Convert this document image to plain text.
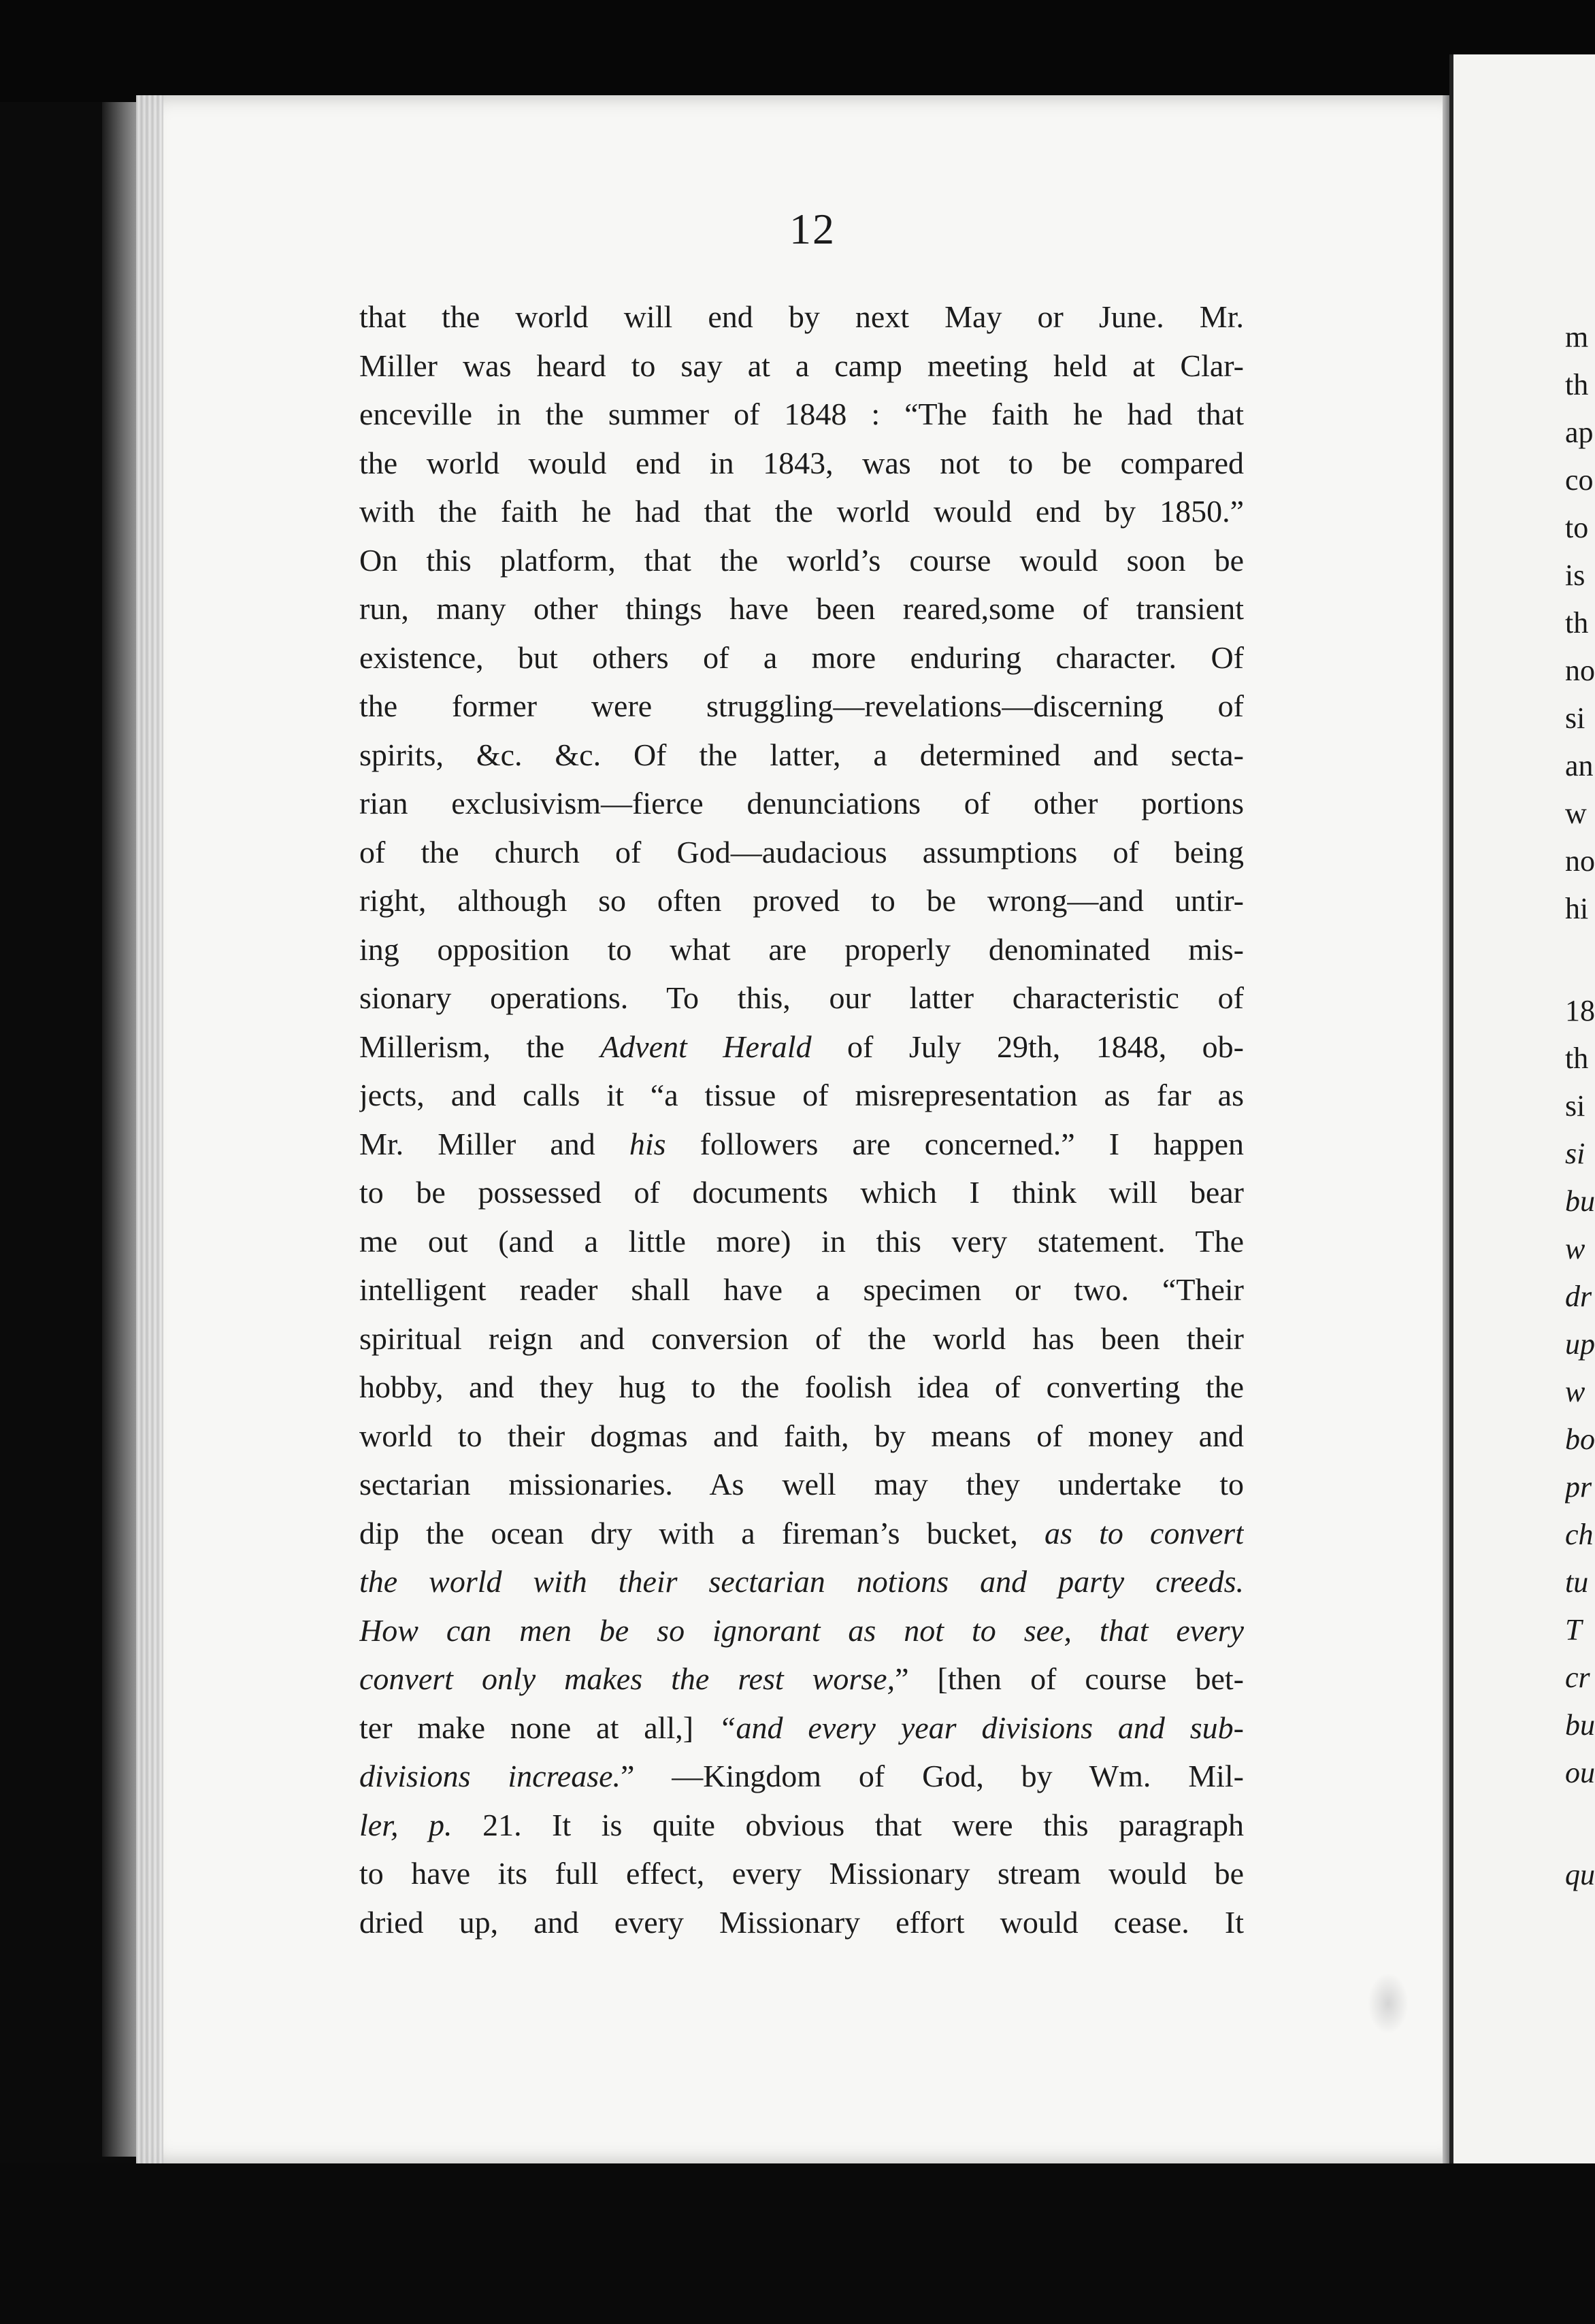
12
that the world will end by next May or June. Mr.
Miller was heard to say at a camp meeting held at Clar-
enceville in the summer of 1848 : “The faith he had that
the world would end in 1843, was not to be compared
with the faith he had that the world would end by 1850.”
On this platform, that the world’s course would soon be
run, many other things have been reared,some of transient
existence, but others of a more enduring character. Of
the former were struggling—revelations—discerning of
spirits, &c. &c. Of the latter, a determined and secta-
rian exclusivism—fierce denunciations of other portions
of the church of God—audacious assumptions of being
right, although so often proved to be wrong—and untir-
ing opposition to what are properly denominated mis-
sionary operations. To this, our latter characteristic of
Millerism, the Advent Herald of July 29th, 1848, ob-
jects, and calls it “a tissue of misrepresentation as far as
Mr. Miller and his followers are concerned.” I happen
to be possessed of documents which I think will bear
me out (and a little more) in this very statement. The
intelligent reader shall have a specimen or two. “Their
spiritual reign and conversion of the world has been their
hobby, and they hug to the foolish idea of converting the
world to their dogmas and faith, by means of money and
sectarian missionaries. As well may they undertake to
dip the ocean dry with a fireman’s bucket, as to convert
the world with their sectarian notions and party creeds.
How can men be so ignorant as not to see, that every
convert only makes the rest worse,” [then of course bet-
ter make none at all,] “and every year divisions and sub-
divisions increase.” —Kingdom of God, by Wm. Mil-
ler, p. 21. It is quite obvious that were this paragraph
to have its full effect, every Missionary stream would be
dried up, and every Missionary effort would cease. It
m
th
ap
co
to
is
th
no
si
an
w
no
hi
18
th
si
si
bu
w
dr
up
w
bo
pr
ch
tu
T
cr
bu
ou
qu
